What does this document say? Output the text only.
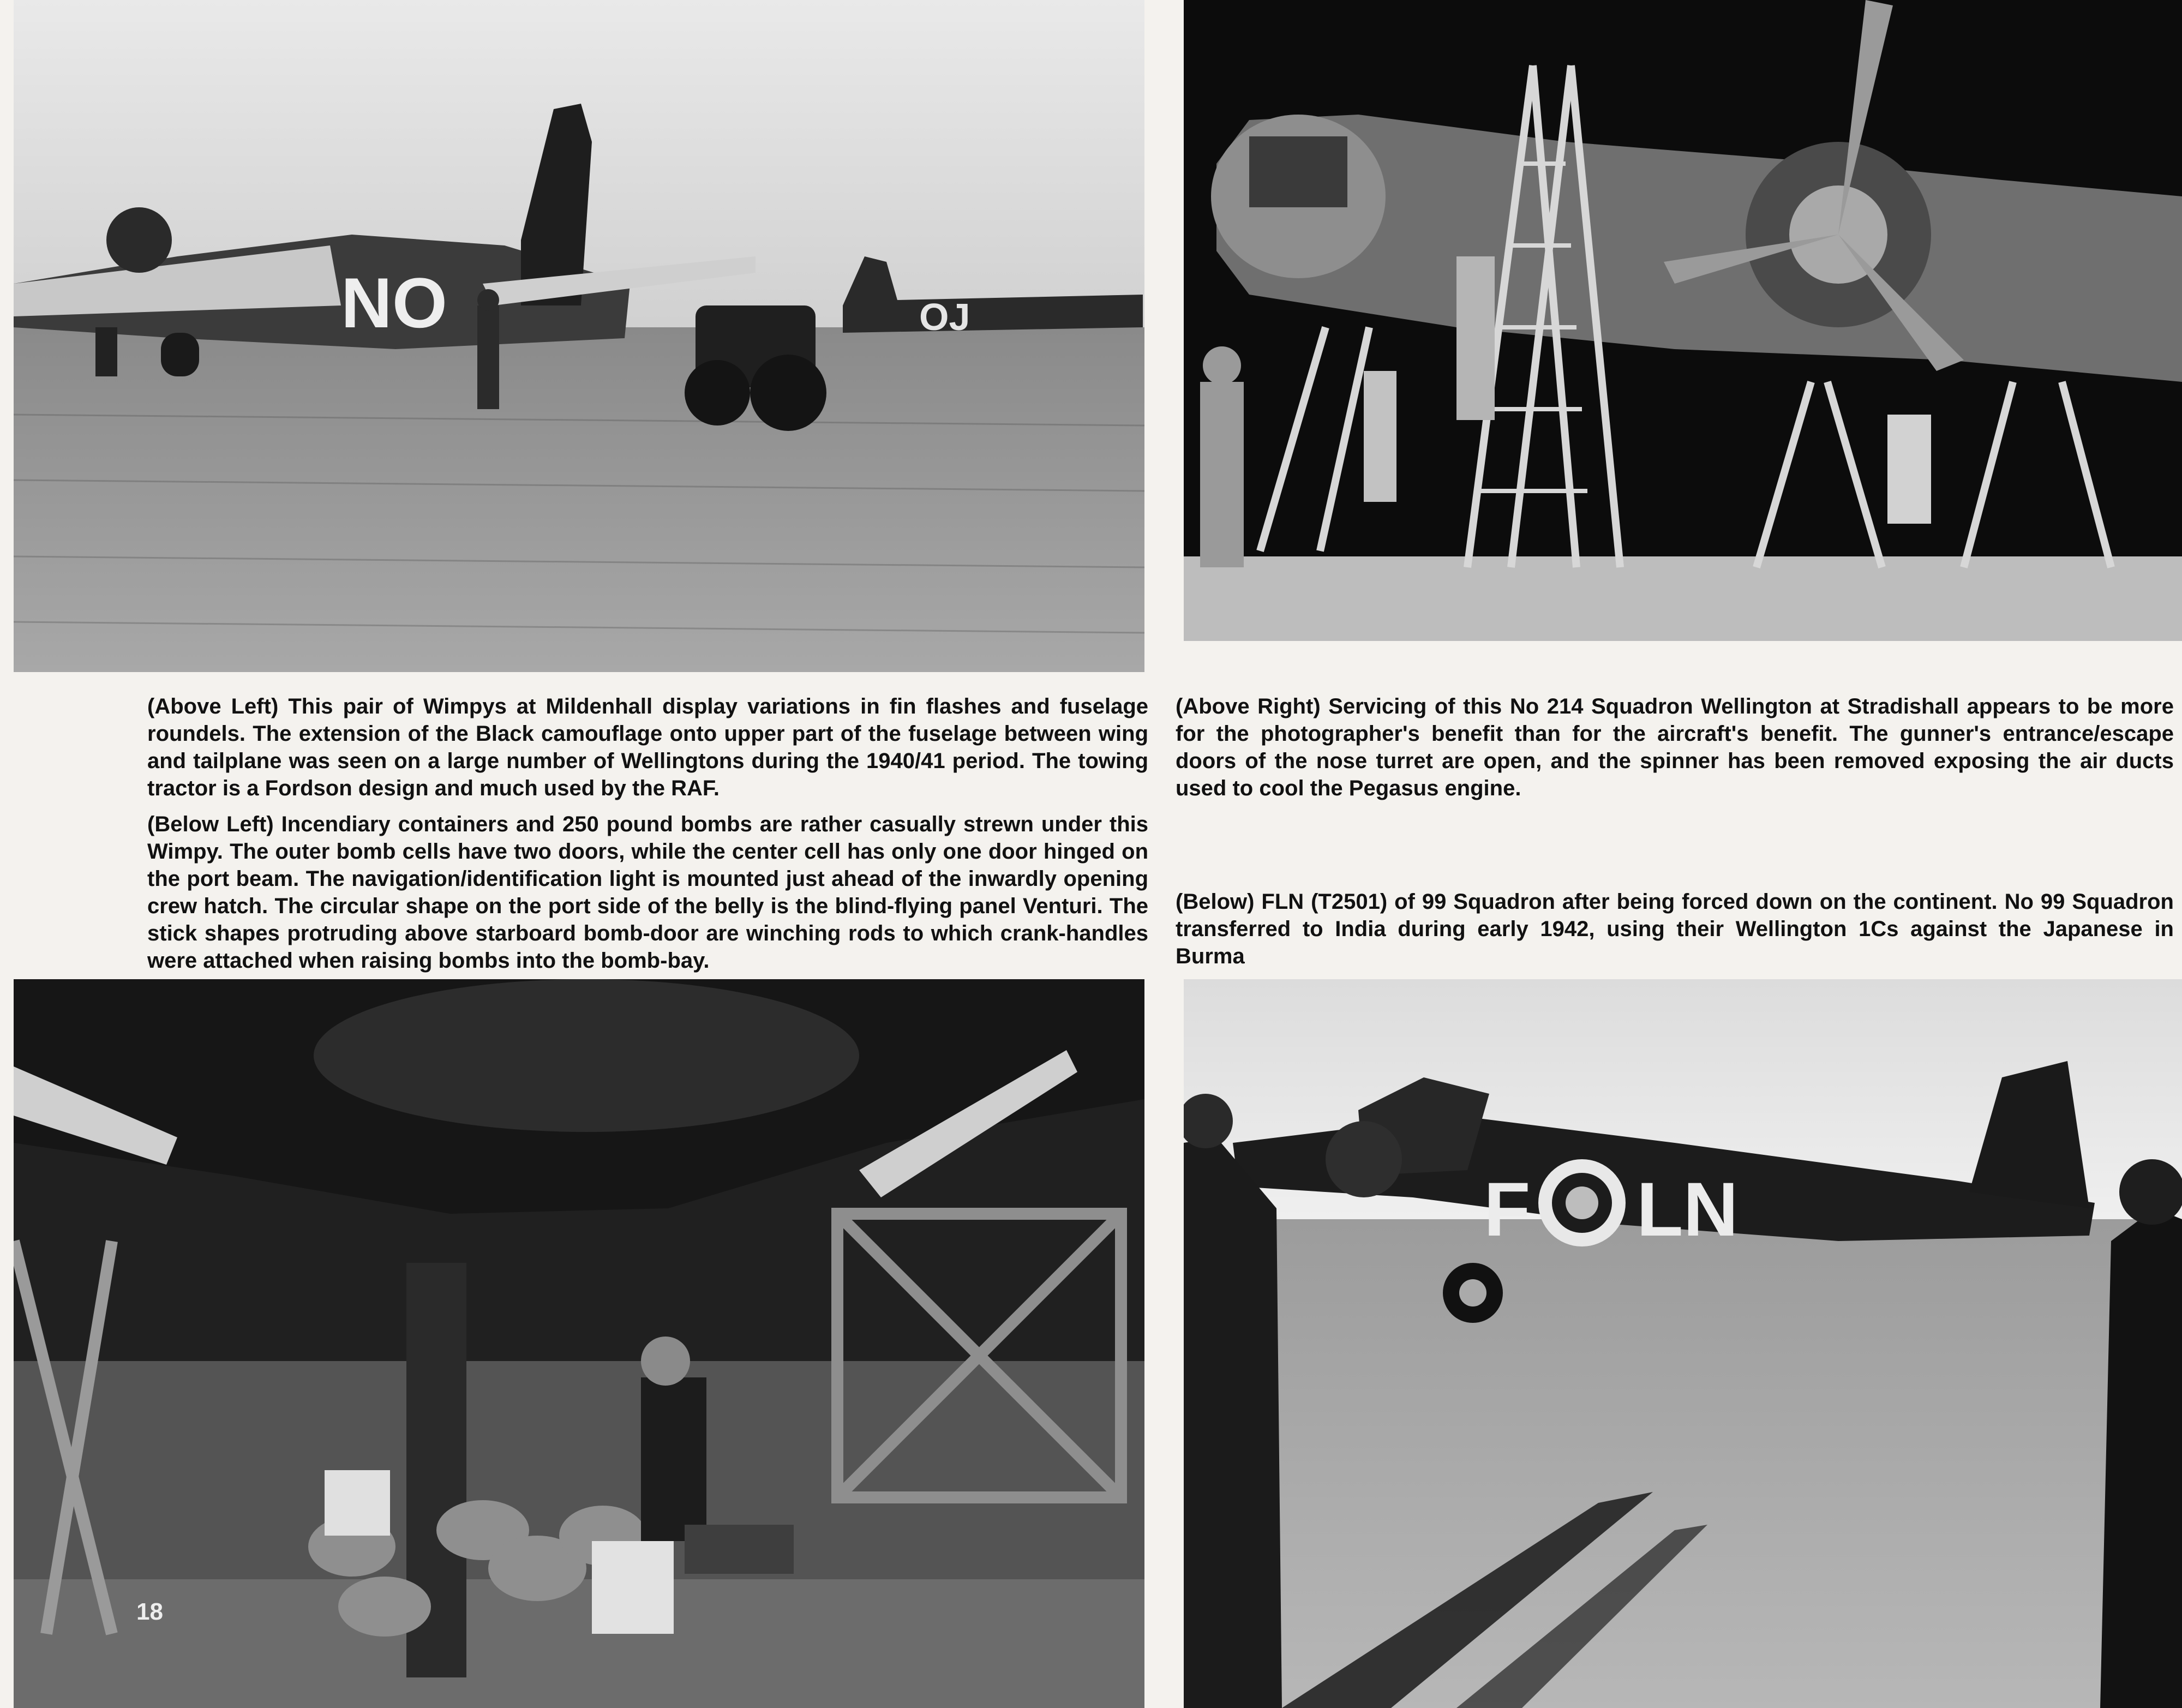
NO	OJ

(Above Left) This pair of Wimpys at Mildenhall display variations in fin flashes and fuselage roundels. The extension of the Black camouflage onto upper part of the fuselage between wing and tailplane was seen on a large number of Wellingtons during the 1940/41 period. The towing tractor is a Fordson design and much used by the RAF.

(Below Left) Incendiary containers and 250 pound bombs are rather casually strewn under this Wimpy. The outer bomb cells have two doors, while the center cell has only one door hinged on the port beam. The navigation/identification light is mounted just ahead of the inwardly opening crew hatch. The circular shape on the port side of the belly is the blind-flying panel Venturi. The stick shapes protruding above starboard bomb-door are winching rods to which crank-handles were attached when raising bombs into the bomb-bay.

(Above Right) Servicing of this No 214 Squadron Wellington at Stradishall appears to be more for the photographer's benefit than for the aircraft's benefit. The gunner's entrance/escape doors of the nose turret are open, and the spinner has been removed exposing the air ducts used to cool the Pegasus engine.

(Below) FLN (T2501) of 99 Squadron after being forced down on the continent. No 99 Squadron transferred to India during early 1942, using their Wellington 1Cs against the Japanese in Burma

18
F LN
